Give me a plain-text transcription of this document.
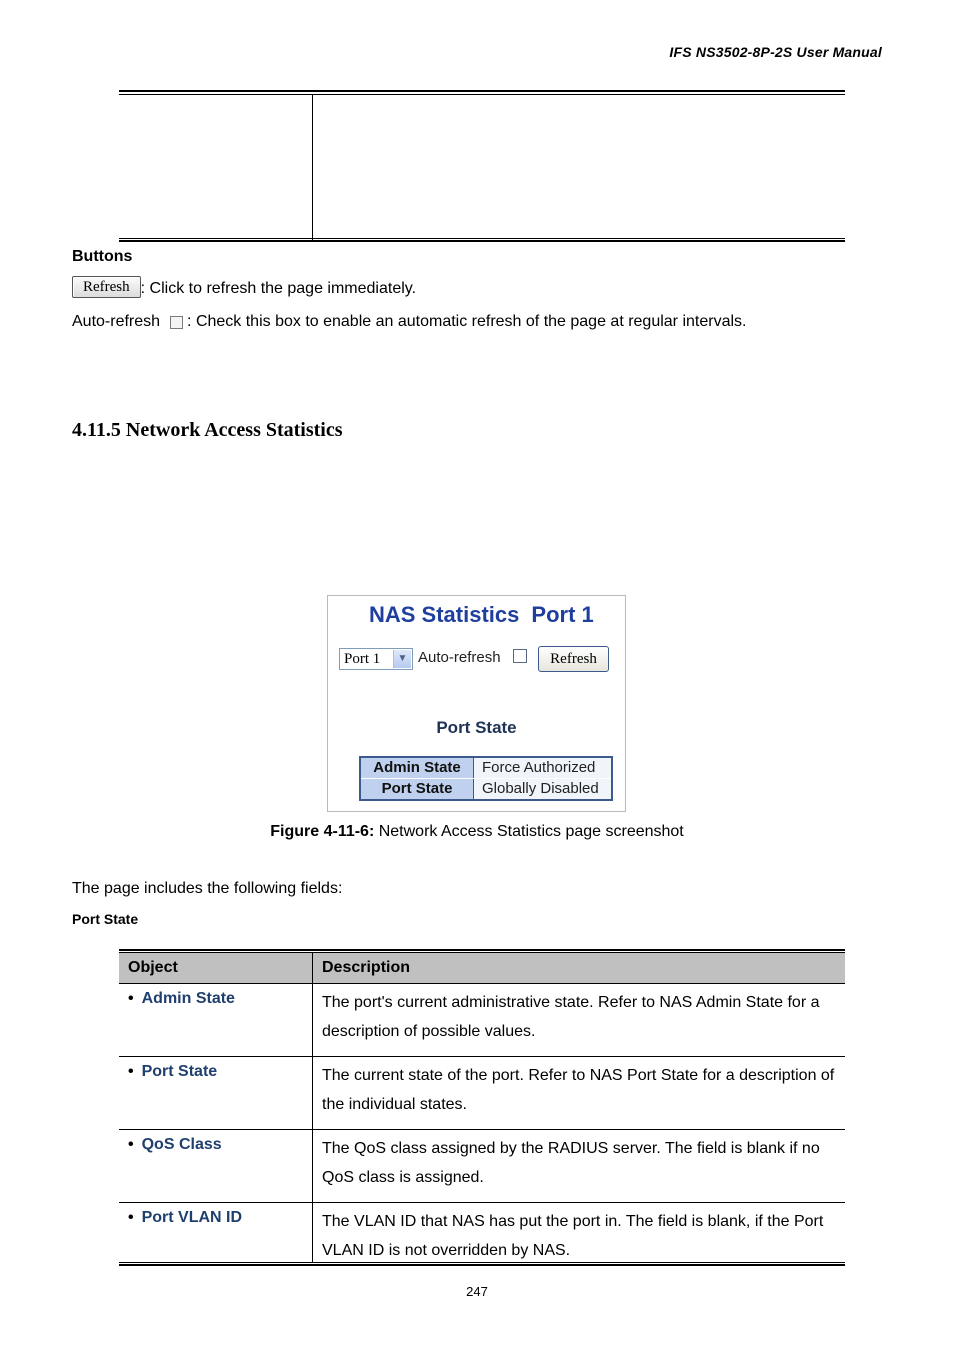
IFS NS3502-8P-2S User Manual
Buttons
Refresh : Click to refresh the page immediately.
Auto-refresh : Check this box to enable an automatic refresh of the page at regular intervals.
4.11.5 Network Access Statistics
NAS Statistics Port 1
Port 1	▼ Auto-refresh	Refresh
Port State
Admin State	Force Authorized
Port State	Globally Disabled
Figure 4-11-6: Network Access Statistics page screenshot
The page includes the following fields:
Port State
Object	Description
• Admin State	The port's current administrative state. Refer to NAS Admin State for a description of possible values.
• Port State	The current state of the port. Refer to NAS Port State for a description of the individual states.
• QoS Class	The QoS class assigned by the RADIUS server. The field is blank if no QoS class is assigned.
• Port VLAN ID	The VLAN ID that NAS has put the port in. The field is blank, if the Port VLAN ID is not overridden by NAS.
247
